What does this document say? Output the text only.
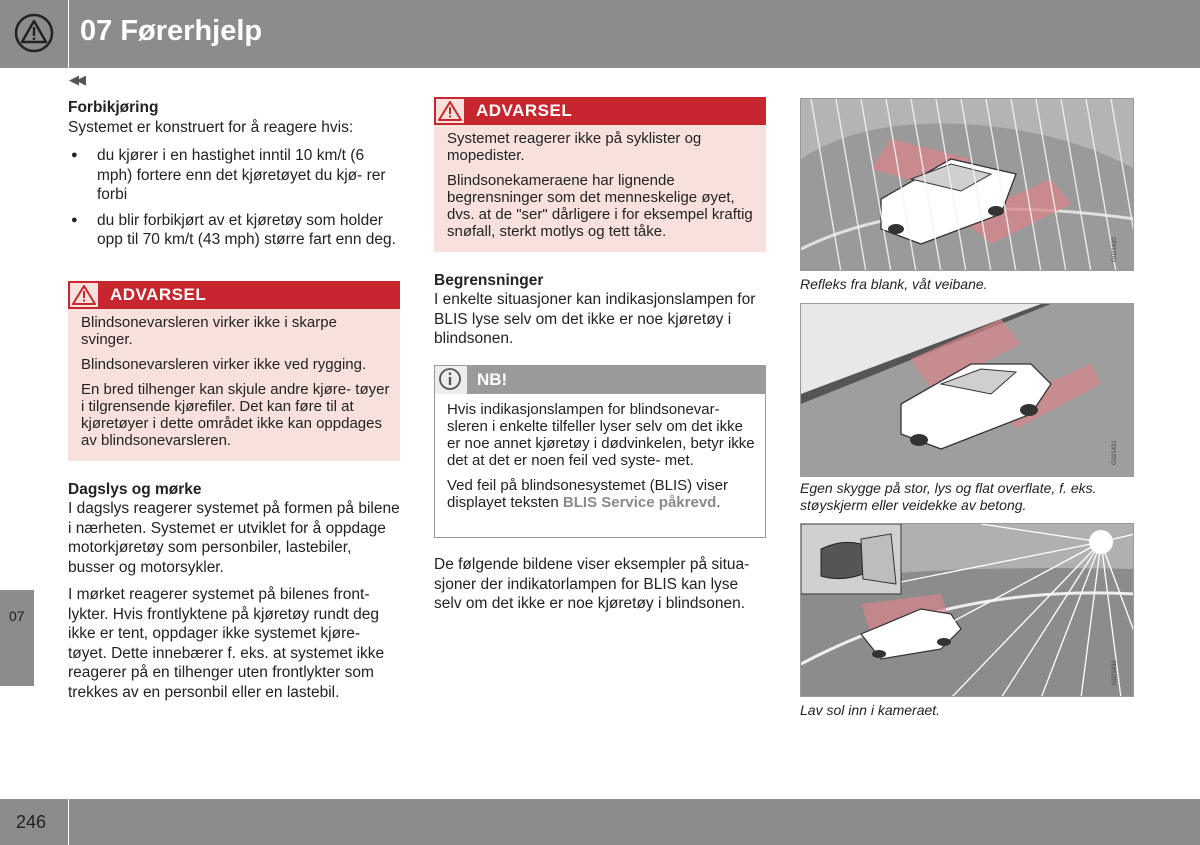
07 Førerhjelp
◀◀
Forbikjøring
Systemet er konstruert for å reagere hvis:
● du kjører i en hastighet inntil 10 km/t (6 mph) fortere enn det kjøretøyet du kjø- rer forbi
● du blir forbikjørt av et kjøretøy som holder opp til 70 km/t (43 mph) større fart enn deg.
ADVARSEL

Blindsonevarsleren virker ikke i skarpe svinger.

Blindsonevarsleren virker ikke ved rygging.

En bred tilhenger kan skjule andre kjøre- tøyer i tilgrensende kjørefiler. Det kan føre til at kjøretøyer i dette området ikke kan oppdages av blindsonevarsleren.

Dagslys og mørke
I dagslys reagerer systemet på formen på bilene i nærheten. Systemet er utviklet for å oppdage motorkjøretøy som personbiler, lastebiler, busser og motorsykler.
I mørket reagerer systemet på bilenes front- lykter. Hvis frontlyktene på kjøretøy rundt deg ikke er tent, oppdager ikke systemet kjøre- tøyet. Dette innebærer f. eks. at systemet ikke reagerer på en tilhenger uten frontlykter som trekkes av en personbil eller en lastebil.
ADVARSEL

Systemet reagerer ikke på syklister og mopedister.

Blindsonekameraene har lignende begrensninger som det menneskelige øyet, dvs. at de "ser" dårligere i for eksempel kraftig snøfall, sterkt motlys og tett tåke.

Begrensninger
I enkelte situasjoner kan indikasjonslampen for BLIS lyse selv om det ikke er noe kjøretøy i blindsonen.
NB!

Hvis indikasjonslampen for blindsonevar- sleren i enkelte tilfeller lyser selv om det ikke er noe annet kjøretøy i dødvinkelen, betyr ikke det at det er noen feil ved syste- met.

Ved feil på blindsonesystemet (BLIS) viser displayet teksten BLIS Service påkrevd.

De følgende bildene viser eksempler på situa- sjoner der indikatorlampen for BLIS kan lyse selv om det ikke er noe kjøretøy i blindsonen.
G021430
Refleks fra blank, våt veibane.
G021431
Egen skygge på stor, lys og flat overflate, f. eks. støyskjerm eller veidekke av betong.
G021432
Lav sol inn i kameraet.
07
246
